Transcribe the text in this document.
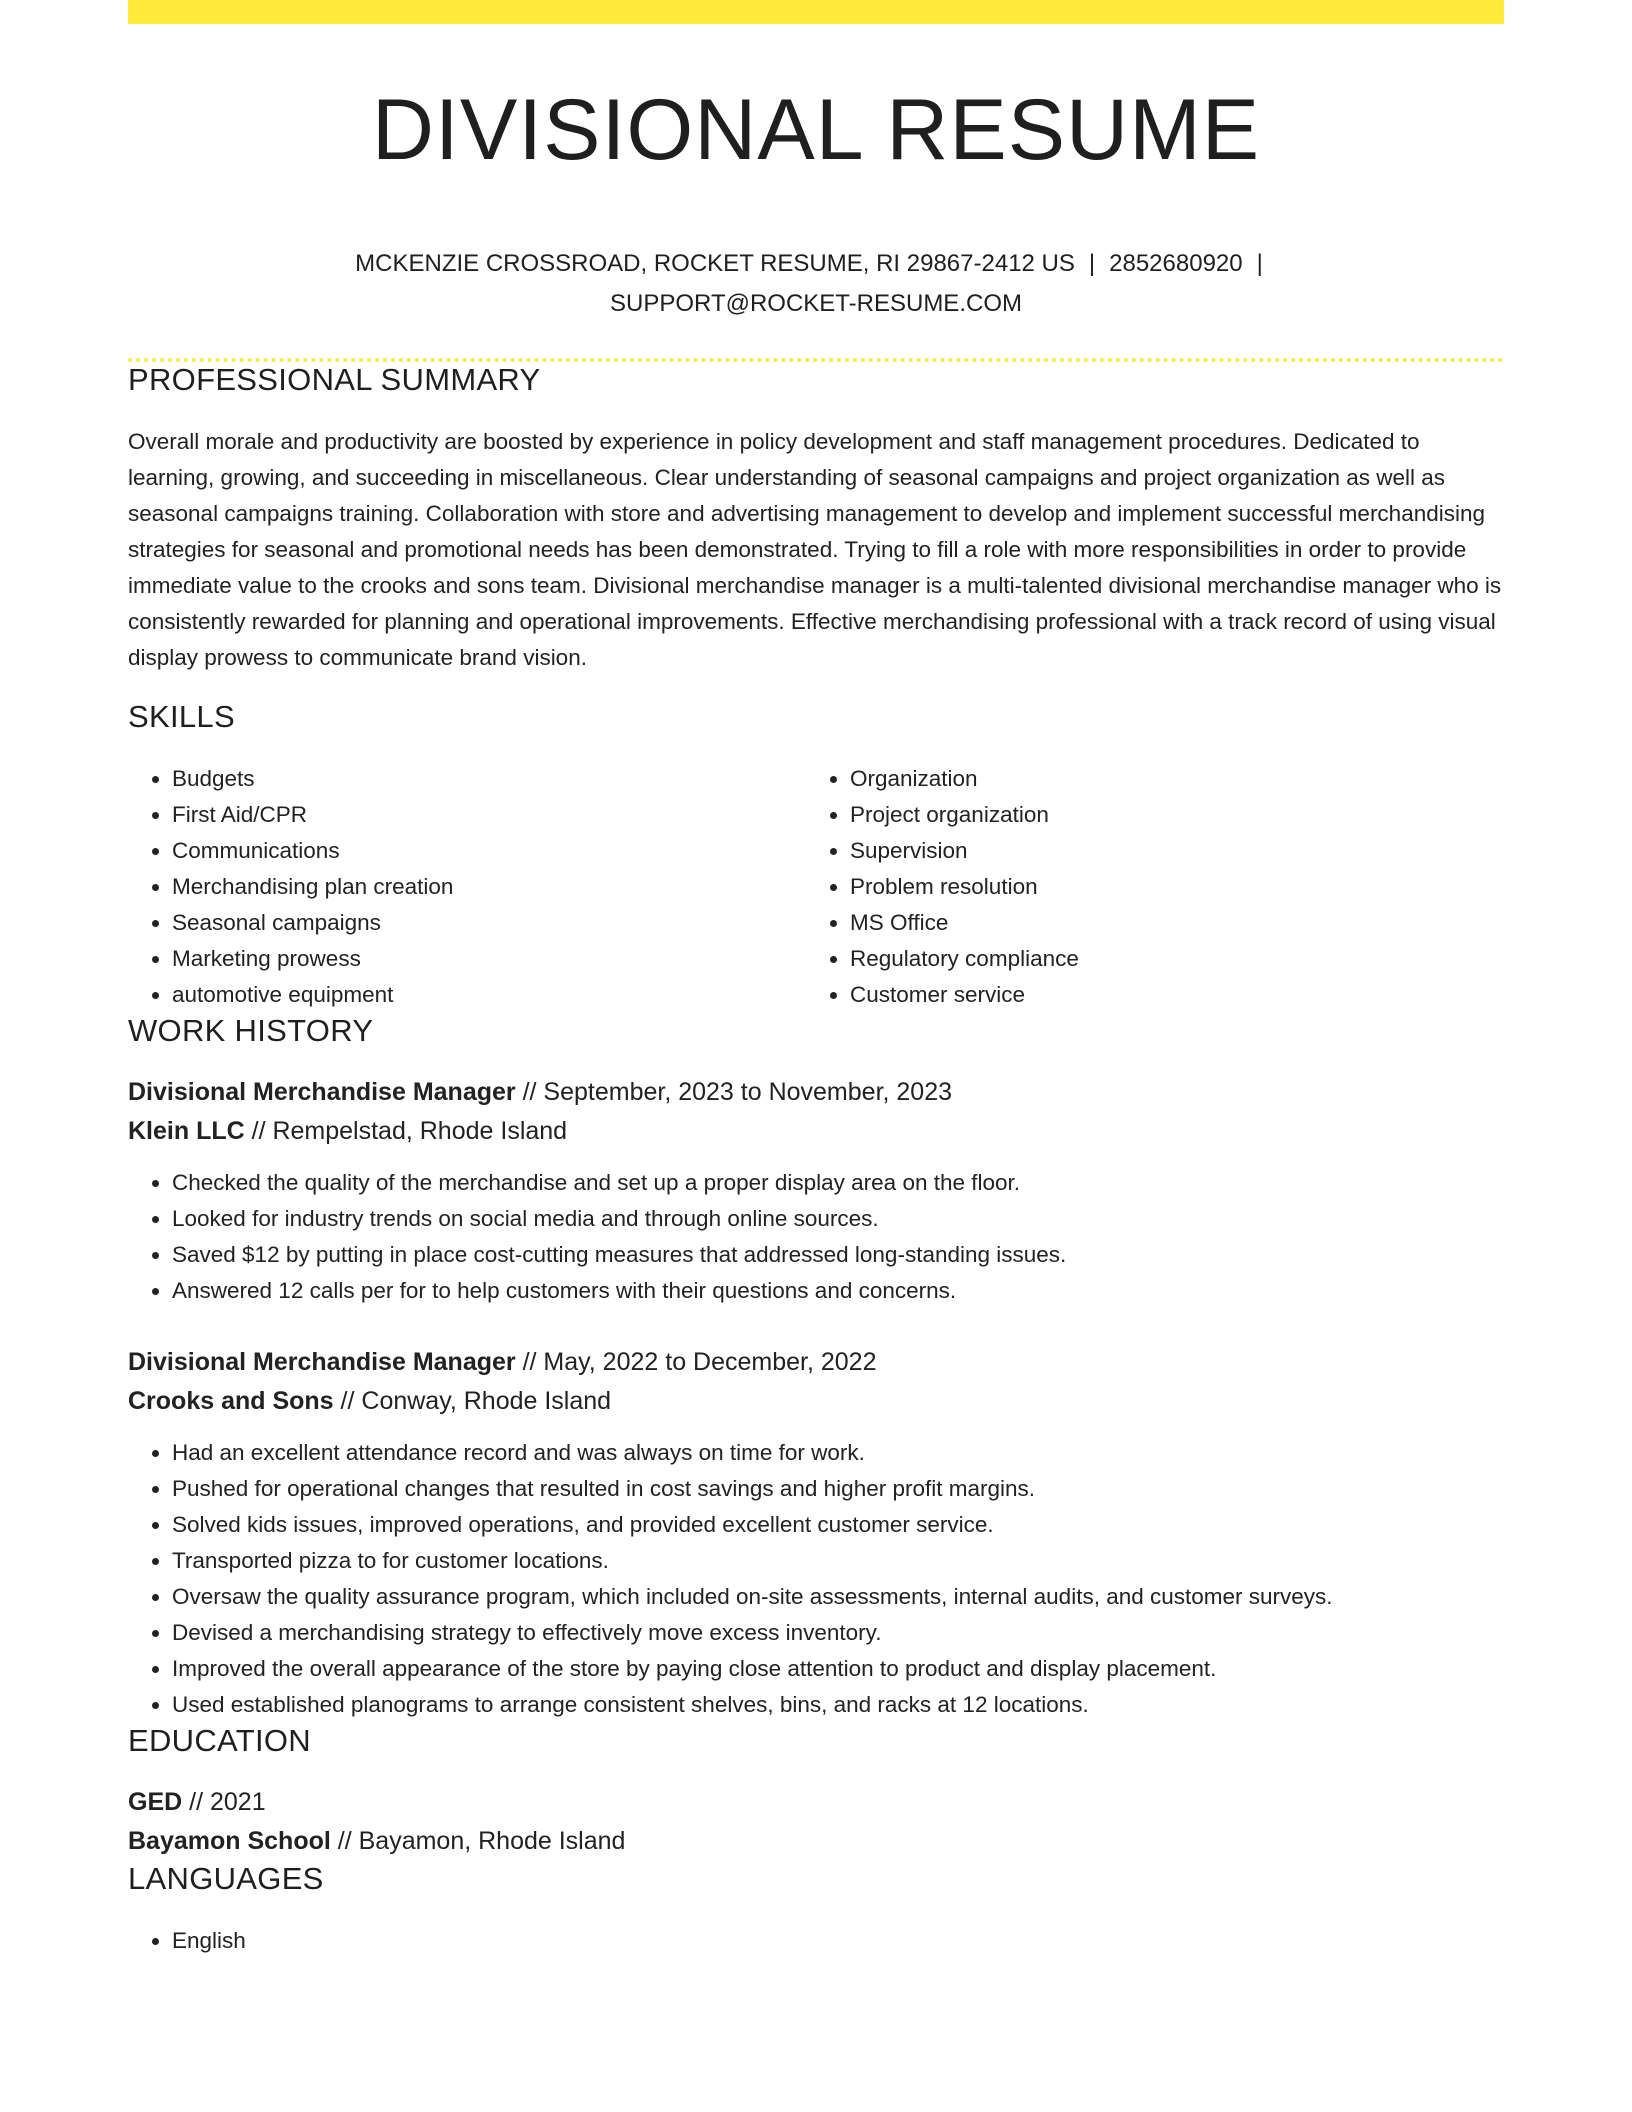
DIVISIONAL RESUME
MCKENZIE CROSSROAD, ROCKET RESUME, RI 29867-2412 US | 2852680920 |
SUPPORT@ROCKET-RESUME.COM
PROFESSIONAL SUMMARY

Overall morale and productivity are boosted by experience in policy development and staff management procedures. Dedicated to learning, growing, and succeeding in miscellaneous. Clear understanding of seasonal campaigns and project organization as well as seasonal campaigns training. Collaboration with store and advertising management to develop and implement successful merchandising strategies for seasonal and promotional needs has been demonstrated. Trying to fill a role with more responsibilities in order to provide immediate value to the crooks and sons team. Divisional merchandise manager is a multi-talented divisional merchandise manager who is consistently rewarded for planning and operational improvements. Effective merchandising professional with a track record of using visual display prowess to communicate brand vision.

SKILLS
• Budgets
• First Aid/CPR
• Communications
• Merchandising plan creation
• Seasonal campaigns
• Marketing prowess
• automotive equipment
• Organization
• Project organization
• Supervision
• Problem resolution
• MS Office
• Regulatory compliance
• Customer service
WORK HISTORY
Divisional Merchandise Manager // September, 2023 to November, 2023
Klein LLC // Rempelstad, Rhode Island
• Checked the quality of the merchandise and set up a proper display area on the floor.
• Looked for industry trends on social media and through online sources.
• Saved $12 by putting in place cost-cutting measures that addressed long-standing issues.
• Answered 12 calls per for to help customers with their questions and concerns.
Divisional Merchandise Manager // May, 2022 to December, 2022
Crooks and Sons // Conway, Rhode Island
• Had an excellent attendance record and was always on time for work.
• Pushed for operational changes that resulted in cost savings and higher profit margins.
• Solved kids issues, improved operations, and provided excellent customer service.
• Transported pizza to for customer locations.
• Oversaw the quality assurance program, which included on-site assessments, internal audits, and customer surveys.
• Devised a merchandising strategy to effectively move excess inventory.
• Improved the overall appearance of the store by paying close attention to product and display placement.
• Used established planograms to arrange consistent shelves, bins, and racks at 12 locations.
EDUCATION
GED // 2021
Bayamon School // Bayamon, Rhode Island
LANGUAGES
• English
